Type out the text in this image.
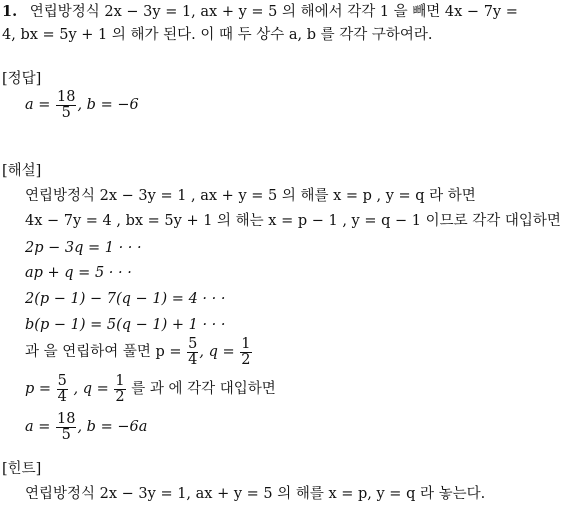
1. 연립방정식 2x − 3y = 1, ax + y = 5 의 해에서 각각 1 을 빼면 4x − 7y =
4, bx = 5y + 1 의 해가 된다. 이 때 두 상수 a, b 를 각각 구하여라.
[정답]
$a = \frac{18}{5}$ , b = −6
[해설]
연립방정식 2x − 3y = 1 , ax + y = 5 의 해를 x = p , y = q 라 하면
4x − 7y = 4 , bx = 5y + 1 의 해는 x = p − 1 , y = q − 1 이므로 각각 대입하면
2p − 3q = 1 · · ·
ap + q = 5 · · ·
2(p − 1) − 7(q − 1) = 4 · · ·
b(p − 1) = 5(q − 1) + 1 · · ·
과 을 연립하여 풀면 $p = \frac{5}{4}$ , $q = \frac{1}{2}$
$p = \frac{5}{4}$ , $q = \frac{1}{2}$ 를 과 에 각각 대입하면
$a = \frac{18}{5}$ , b = −6a
[힌트]
연립방정식 2x − 3y = 1, ax + y = 5 의 해를 x = p, y = q 라 놓는다.
